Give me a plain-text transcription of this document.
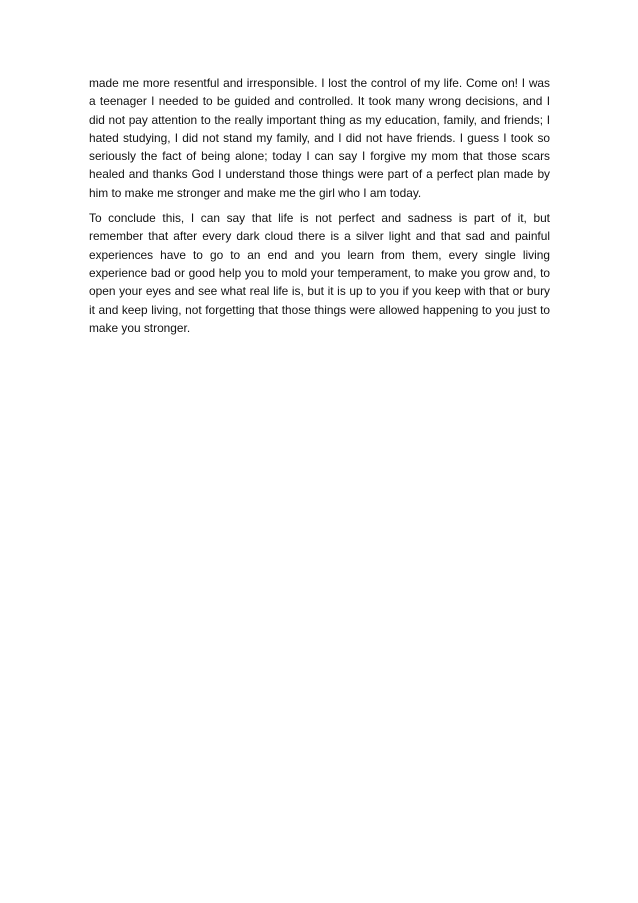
made me more resentful and irresponsible. I lost the control of my life. Come on! I was a teenager I needed to be guided and controlled. It took many wrong decisions, and I did not pay attention to the really important thing as my education, family, and friends; I hated studying, I did not stand my family, and I did not have friends. I guess I took so seriously the fact of being alone; today I can say I forgive my mom that those scars healed and thanks God I understand those things were part of a perfect plan made by him to make me stronger and make me the girl who I am today.

To conclude this, I can say that life is not perfect and sadness is part of it, but remember that after every dark cloud there is a silver light and that sad and painful experiences have to go to an end and you learn from them, every single living experience bad or good help you to mold your temperament, to make you grow and, to open your eyes and see what real life is, but it is up to you if you keep with that or bury it and keep living, not forgetting that those things were allowed happening to you just to make you stronger.
